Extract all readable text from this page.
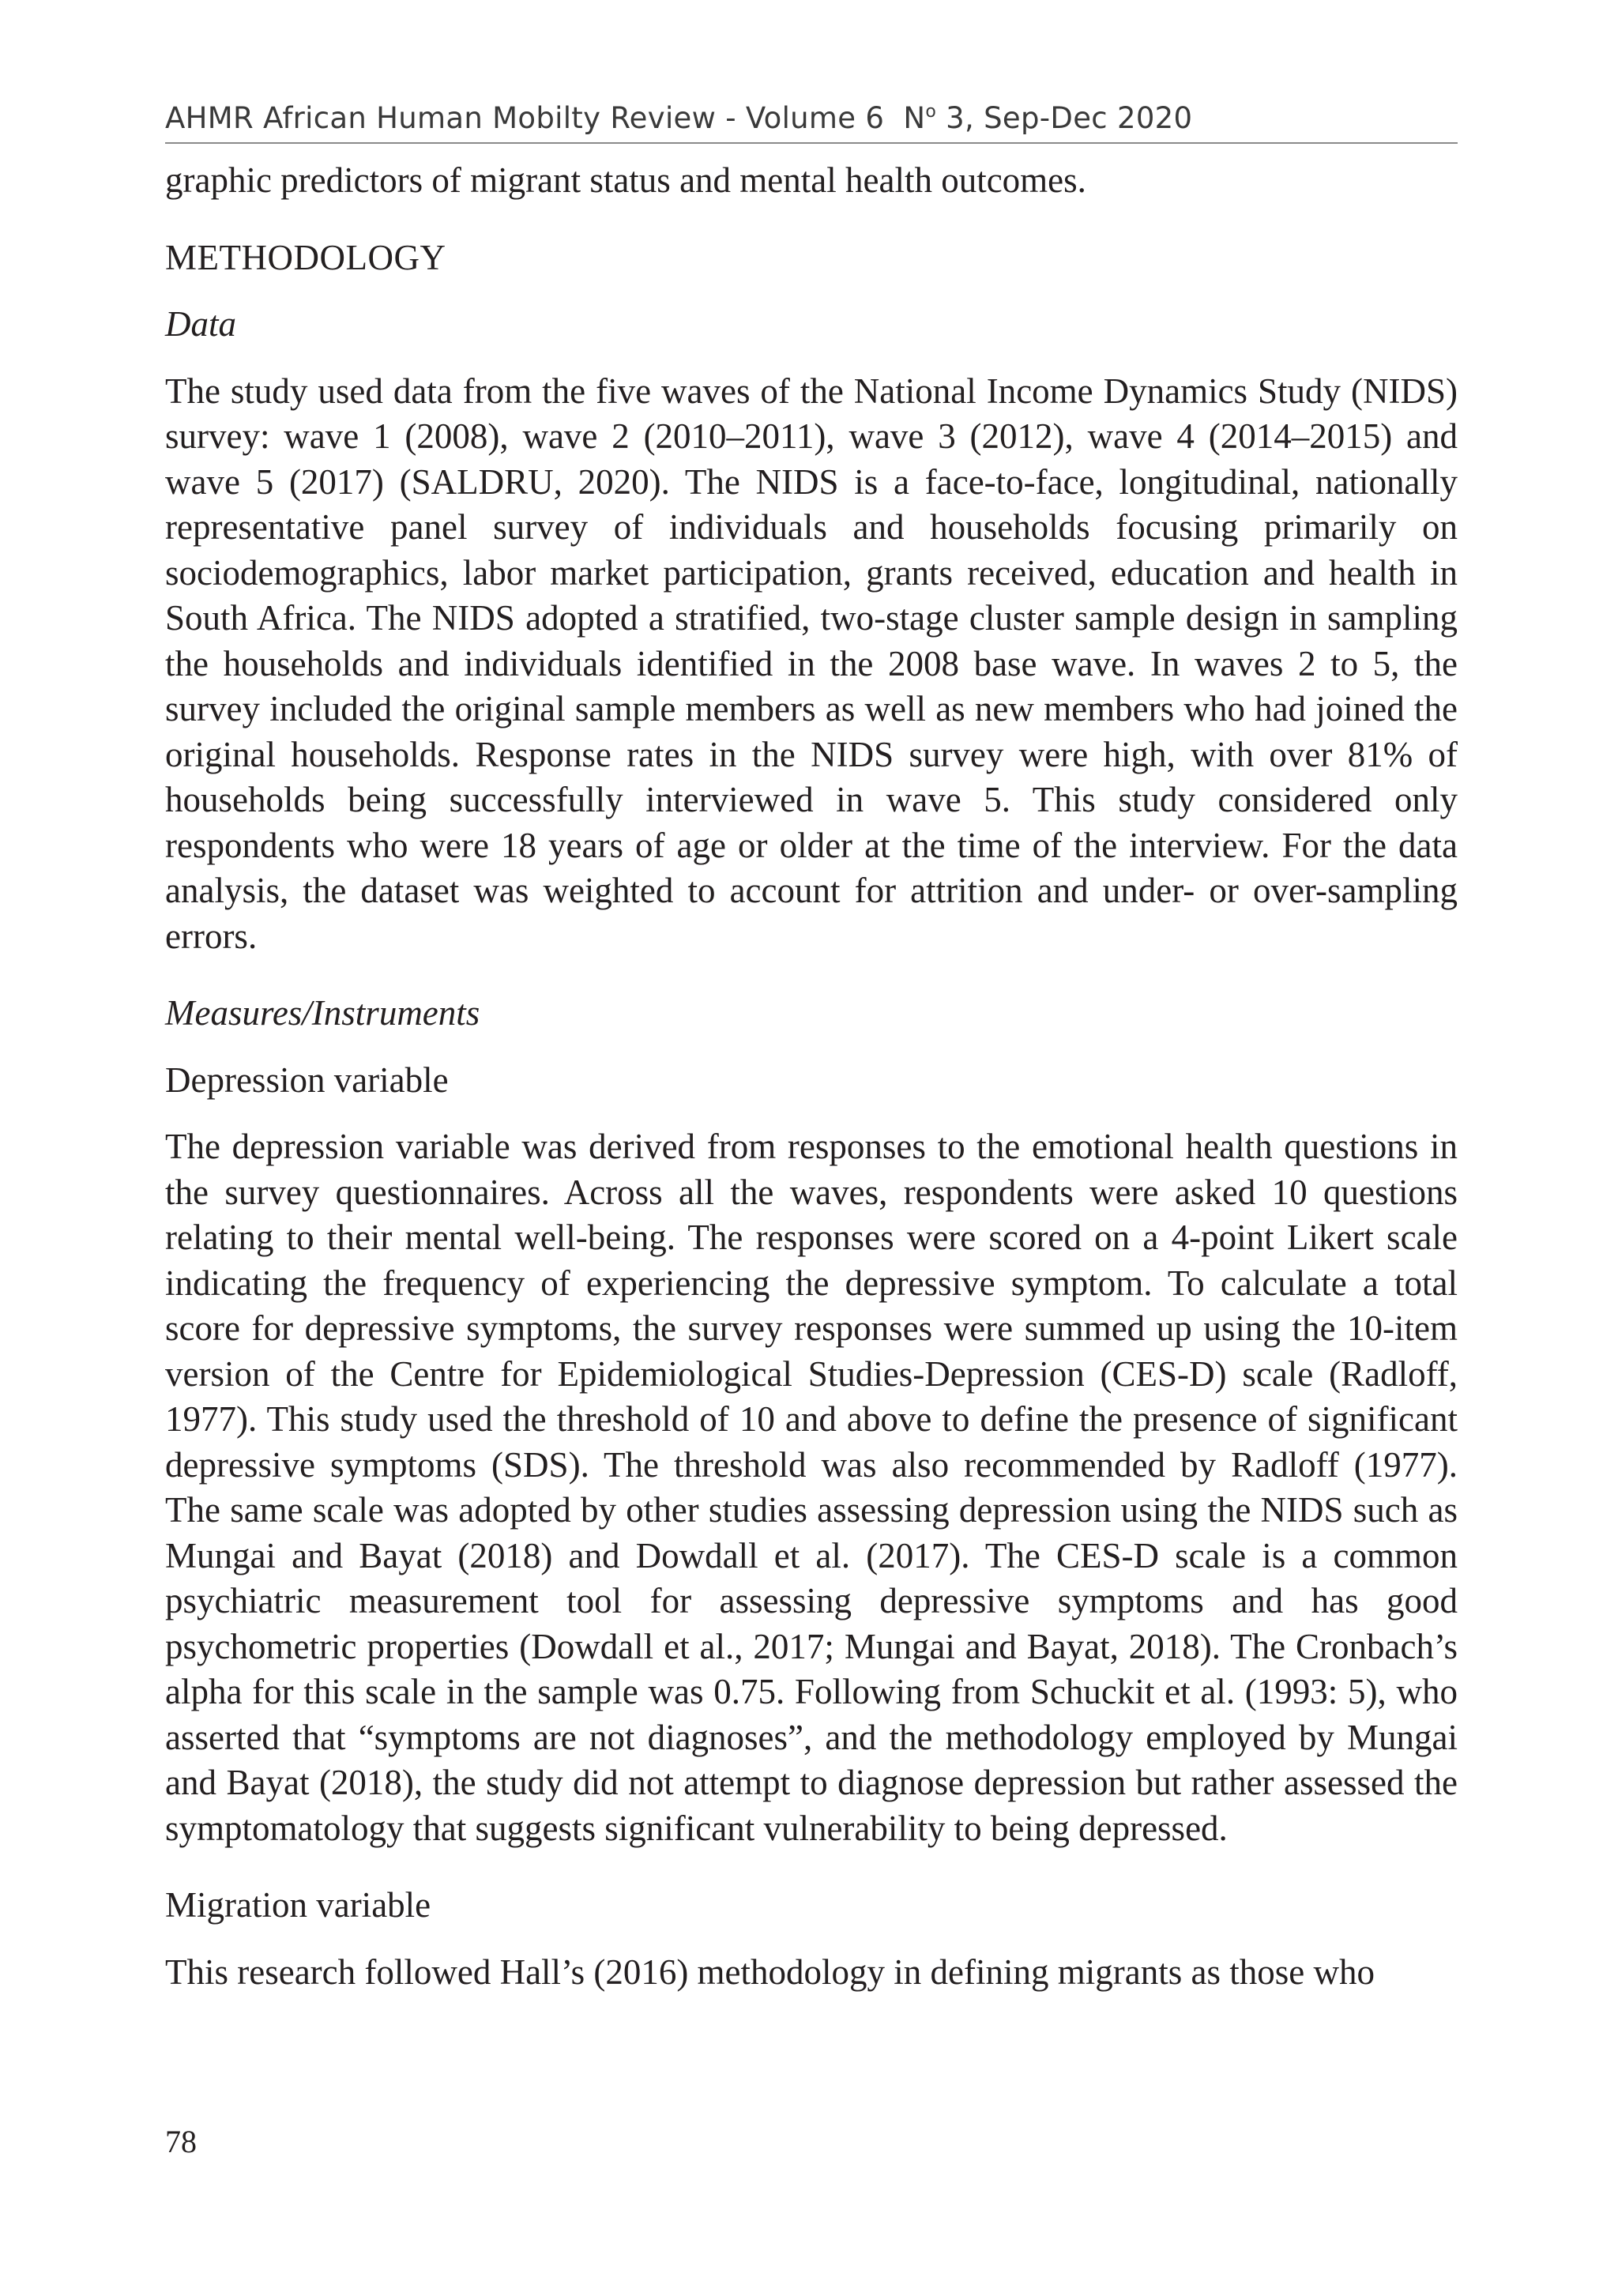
AHMR African Human Mobilty Review - Volume 6 $N^o$ 3, Sep-Dec 2020

graphic predictors of migrant status and mental health outcomes.

METHODOLOGY
Data

The study used data from the five waves of the National Income Dynamics Study (NIDS) survey: wave 1 (2008), wave 2 (2010–2011), wave 3 (2012), wave 4 (2014–2015) and wave 5 (2017) (SALDRU, 2020). The NIDS is a face-to-face, longitudinal, nationally representative panel survey of individuals and households focusing primarily on sociodemographics, labor market participation, grants received, education and health in South Africa. The NIDS adopted a stratified, two-stage cluster sample design in sampling the households and individuals identified in the 2008 base wave. In waves 2 to 5, the survey included the original sample members as well as new members who had joined the original households. Response rates in the NIDS survey were high, with over 81% of households being successfully interviewed in wave 5. This study considered only respondents who were 18 years of age or older at the time of the interview. For the data analysis, the dataset was weighted to account for attrition and under- or over-sampling errors.

Measures/Instruments
Depression variable

The depression variable was derived from responses to the emotional health questions in the survey questionnaires. Across all the waves, respondents were asked 10 questions relating to their mental well-being. The responses were scored on a 4-point Likert scale indicating the frequency of experiencing the depressive symptom. To calculate a total score for depressive symptoms, the survey responses were summed up using the 10-item version of the Centre for Epidemiological Studies-Depression (CES-D) scale (Radloff, 1977). This study used the threshold of 10 and above to define the presence of significant depressive symptoms (SDS). The threshold was also recommended by Radloff (1977). The same scale was adopted by other studies assessing depression using the NIDS such as Mungai and Bayat (2018) and Dowdall et al. (2017). The CES-D scale is a common psychiatric measurement tool for assessing depressive symptoms and has good psychometric properties (Dowdall et al., 2017; Mungai and Bayat, 2018). The Cronbach’s alpha for this scale in the sample was 0.75. Following from Schuckit et al. (1993: 5), who asserted that “symptoms are not diagnoses”, and the methodology employed by Mungai and Bayat (2018), the study did not attempt to diagnose depression but rather assessed the symptomatology that suggests significant vulnerability to being depressed.

Migration variable

This research followed Hall’s (2016) methodology in defining migrants as those who

78
